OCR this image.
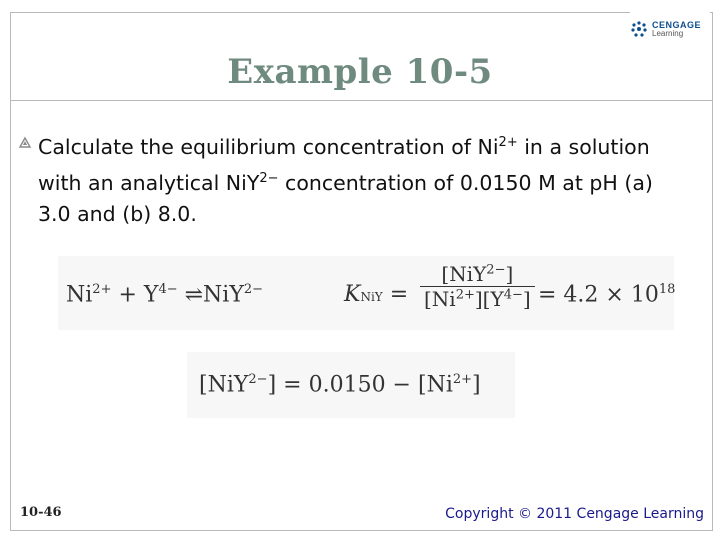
CENGAGE
Learning
Example 10-5
Calculate the equilibrium concentration of $Ni^{2+}$ in a solution with an analytical NiY$^{2-}$ concentration of 0.0150 M at pH (a) 3.0 and (b) 8.0.
$Ni^{2+} + Y^{4-}$ ⇌NiY$^{2-}$	KNiY =
[NiY$^{2-}$]
$[Ni^{2+}][Y^{4-}] = 4.2 \times 10^{18}$
$[NiY^{2-}] = 0.0150 - [Ni^{2+}]$
10-46	Copyright © 2011 Cengage Learning
